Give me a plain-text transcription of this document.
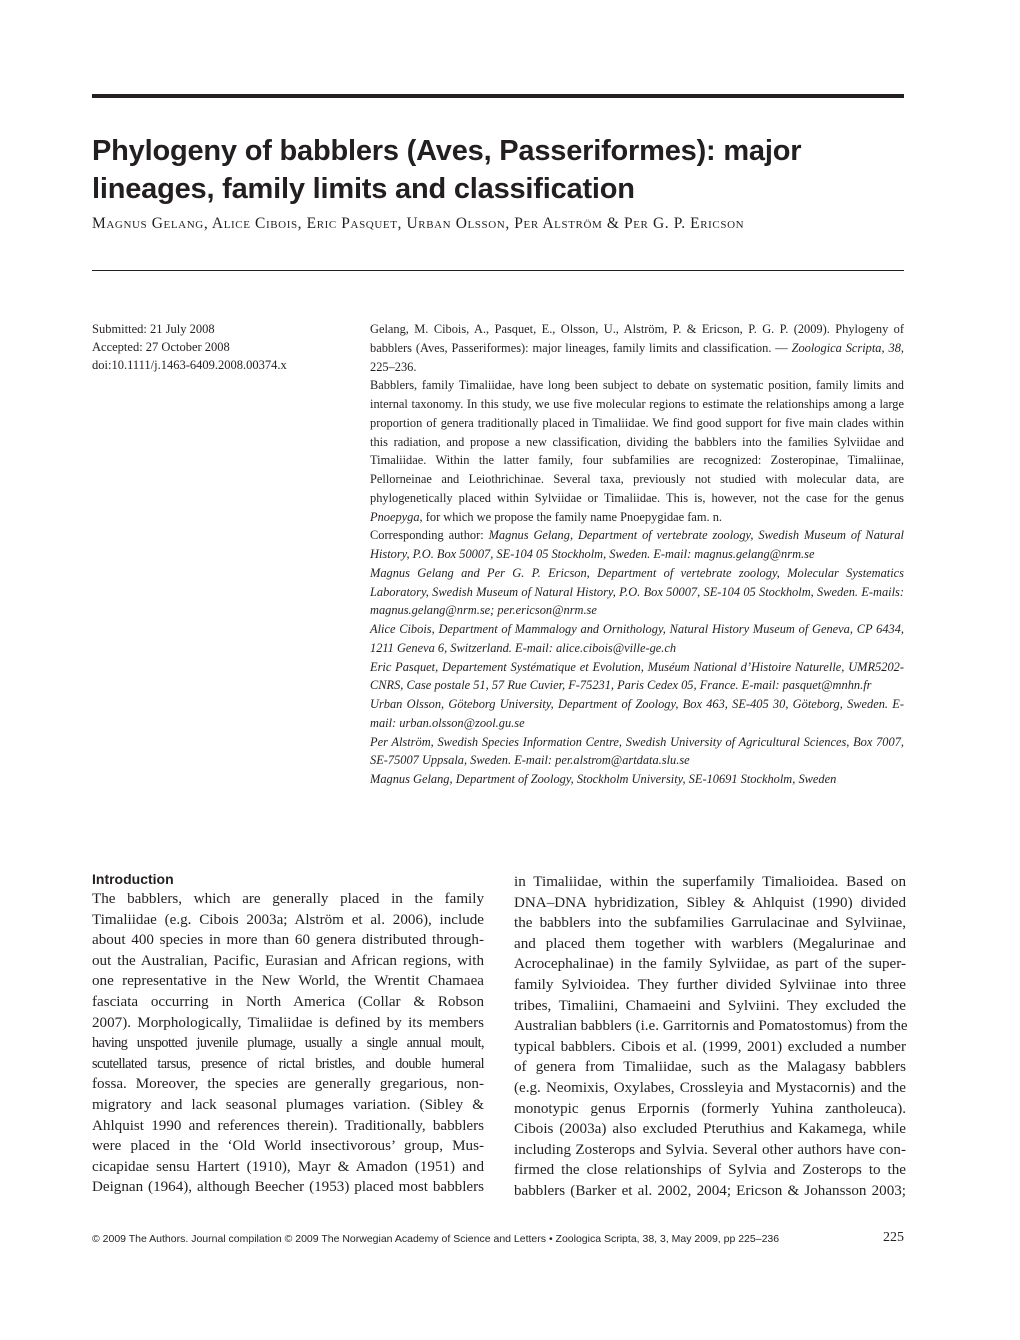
Phylogeny of babblers (Aves, Passeriformes): major lineages, family limits and classification
Magnus Gelang, Alice Cibois, Eric Pasquet, Urban Olsson, Per Alström & Per G. P. Ericson
Submitted: 21 July 2008
Accepted: 27 October 2008
doi:10.1111/j.1463-6409.2008.00374.x

Gelang, M. Cibois, A., Pasquet, E., Olsson, U., Alström, P. & Ericson, P. G. P. (2009). Phylogeny of babblers (Aves, Passeriformes): major lineages, family limits and classification. — Zoologica Scripta, 38, 225–236.

Babblers, family Timaliidae, have long been subject to debate on systematic position, family limits and internal taxonomy. In this study, we use five molecular regions to estimate the relationships among a large proportion of genera traditionally placed in Timaliidae. We find good support for five main clades within this radiation, and propose a new classification, dividing the babblers into the families Sylviidae and Timaliidae. Within the latter family, four subfamilies are recognized: Zosteropinae, Timaliinae, Pellorneinae and Leiothrichinae. Several taxa, previously not studied with molecular data, are phylogenetically placed within Sylviidae or Timaliidae. This is, however, not the case for the genus Pnoepyga, for which we propose the family name Pnoepygidae fam. n.

Corresponding author: Magnus Gelang, Department of vertebrate zoology, Swedish Museum of Natural History, P.O. Box 50007, SE-104 05 Stockholm, Sweden. E-mail: magnus.gelang@nrm.se

Magnus Gelang and Per G. P. Ericson, Department of vertebrate zoology, Molecular Systematics Laboratory, Swedish Museum of Natural History, P.O. Box 50007, SE-104 05 Stockholm, Sweden. E-mails: magnus.gelang@nrm.se; per.ericson@nrm.se

Alice Cibois, Department of Mammalogy and Ornithology, Natural History Museum of Geneva, CP 6434, 1211 Geneva 6, Switzerland. E-mail: alice.cibois@ville-ge.ch

Eric Pasquet, Departement Systématique et Evolution, Muséum National d’Histoire Naturelle, UMR5202-CNRS, Case postale 51, 57 Rue Cuvier, F-75231, Paris Cedex 05, France. E-mail: pasquet@mnhn.fr

Urban Olsson, Göteborg University, Department of Zoology, Box 463, SE-405 30, Göteborg, Sweden. E-mail: urban.olsson@zool.gu.se

Per Alström, Swedish Species Information Centre, Swedish University of Agricultural Sciences, Box 7007, SE-75007 Uppsala, Sweden. E-mail: per.alstrom@artdata.slu.se

Magnus Gelang, Department of Zoology, Stockholm University, SE-10691 Stockholm, Sweden

Introduction
The babblers, which are generally placed in the family
Timaliidae (e.g. Cibois 2003a; Alström et al. 2006), include
about 400 species in more than 60 genera distributed through-
out the Australian, Pacific, Eurasian and African regions, with
one representative in the New World, the Wrentit Chamaea
fasciata occurring in North America (Collar & Robson
2007). Morphologically, Timaliidae is defined by its members
having unspotted juvenile plumage, usually a single annual moult,
scutellated tarsus, presence of rictal bristles, and double humeral
fossa. Moreover, the species are generally gregarious, non-
migratory and lack seasonal plumages variation. (Sibley &
Ahlquist 1990 and references therein). Traditionally, babblers
were placed in the ‘Old World insectivorous’ group, Mus-
cicapidae sensu Hartert (1910), Mayr & Amadon (1951) and
Deignan (1964), although Beecher (1953) placed most babblers
in Timaliidae, within the superfamily Timalioidea. Based on
DNA–DNA hybridization, Sibley & Ahlquist (1990) divided
the babblers into the subfamilies Garrulacinae and Sylviinae,
and placed them together with warblers (Megalurinae and
Acrocephalinae) in the family Sylviidae, as part of the super-
family Sylvioidea. They further divided Sylviinae into three
tribes, Timaliini, Chamaeini and Sylviini. They excluded the
Australian babblers (i.e. Garritornis and Pomatostomus) from the
typical babblers. Cibois et al. (1999, 2001) excluded a number
of genera from Timaliidae, such as the Malagasy babblers
(e.g. Neomixis, Oxylabes, Crossleyia and Mystacornis) and the
monotypic genus Erpornis (formerly Yuhina zantholeuca).
Cibois (2003a) also excluded Pteruthius and Kakamega, while
including Zosterops and Sylvia. Several other authors have con-
firmed the close relationships of Sylvia and Zosterops to the
babblers (Barker et al. 2002, 2004; Ericson & Johansson 2003;
© 2009 The Authors. Journal compilation © 2009 The Norwegian Academy of Science and Letters • Zoologica Scripta, 38, 3, May 2009, pp 225–236	225
